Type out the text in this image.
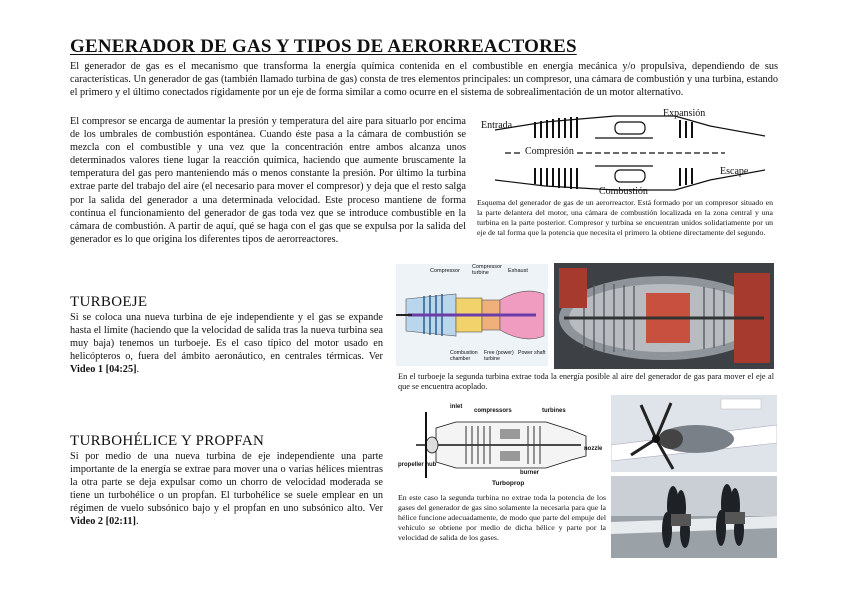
GENERADOR DE GAS Y TIPOS DE AERORREACTORES

El generador de gas es el mecanismo que transforma la energía química contenida en el combustible en energía mecánica y/o propulsiva, dependiendo de sus características. Un generador de gas (también llamado turbina de gas) consta de tres elementos principales: un compresor, una cámara de combustión y una turbina, estando el primero y el último conectados rígidamente por un eje de forma similar a como ocurre en el sistema de sobrealimentación de un motor alternativo.

El compresor se encarga de aumentar la presión y temperatura del aire para situarlo por encima de los umbrales de combustión espontánea. Cuando éste pasa a la cámara de combustión se mezcla con el combustible y una vez que la concentración entre ambos alcanza unos determinados valores tiene lugar la reacción química, haciendo que aumente bruscamente la temperatura del gas pero manteniendo más o menos constante la presión. Por último la turbina extrae parte del trabajo del aire (el necesario para mover el compresor) y deja que el resto salga por la salida del generador a una determinada velocidad. Este proceso mantiene de forma continua el funcionamiento del generador de gas toda vez que se introduce combustible en la cámara de combustión. A partir de aquí, qué se haga con el gas que se expulsa por la salida del generador es lo que origina los diferentes tipos de aerorreactores.

Entrada
Expansión
Compresión
Escape
Combustión

Esquema del generador de gas de un aerorreactor. Está formado por un compresor situado en la parte delantera del motor, una cámara de combustión localizada en la zona central y una turbina en la parte posterior. Compresor y turbina se encuentran unidos solidariamente por un eje de tal forma que la potencia que necesita el primero la obtiene directamente del segundo.

TURBOEJE

Si se coloca una nueva turbina de eje independiente y el gas se expande hasta el límite (haciendo que la velocidad de salida tras la nueva turbina sea muy baja) tenemos un turboeje. Es el caso típico del motor usado en helicópteros o, fuera del ámbito aeronáutico, en centrales térmicas. Ver Video 1 [04:25].

Compressor
Compressor turbine	Exhaust
Combustion chamber
Free (power) turbine
Power shaft

En el turboeje la segunda turbina extrae toda la energía posible al aire del generador de gas para mover el eje al que se encuentra acoplado.

TURBOHÉLICE Y PROPFAN

Si por medio de una nueva turbina de eje independiente una parte importante de la energía se extrae para mover una o varias hélices mientras la otra parte se deja expulsar como un chorro de velocidad moderada se tiene un turbohélice o un propfan. El turbohélice se suele emplear en un régimen de vuelo subsónico bajo y el propfan en uno subsónico alto. Ver Video 2 [02:11].

inlet
compressors	turbines
nozzle
propeller hub
burner
Turboprop

En este caso la segunda turbina no extrae toda la potencia de los gases del generador de gas sino solamente la necesaria para que la hélice funcione adecuadamente, de modo que parte del empuje del vehículo se obtiene por medio de dicha hélice y parte por la velocidad de salida de los gases.
